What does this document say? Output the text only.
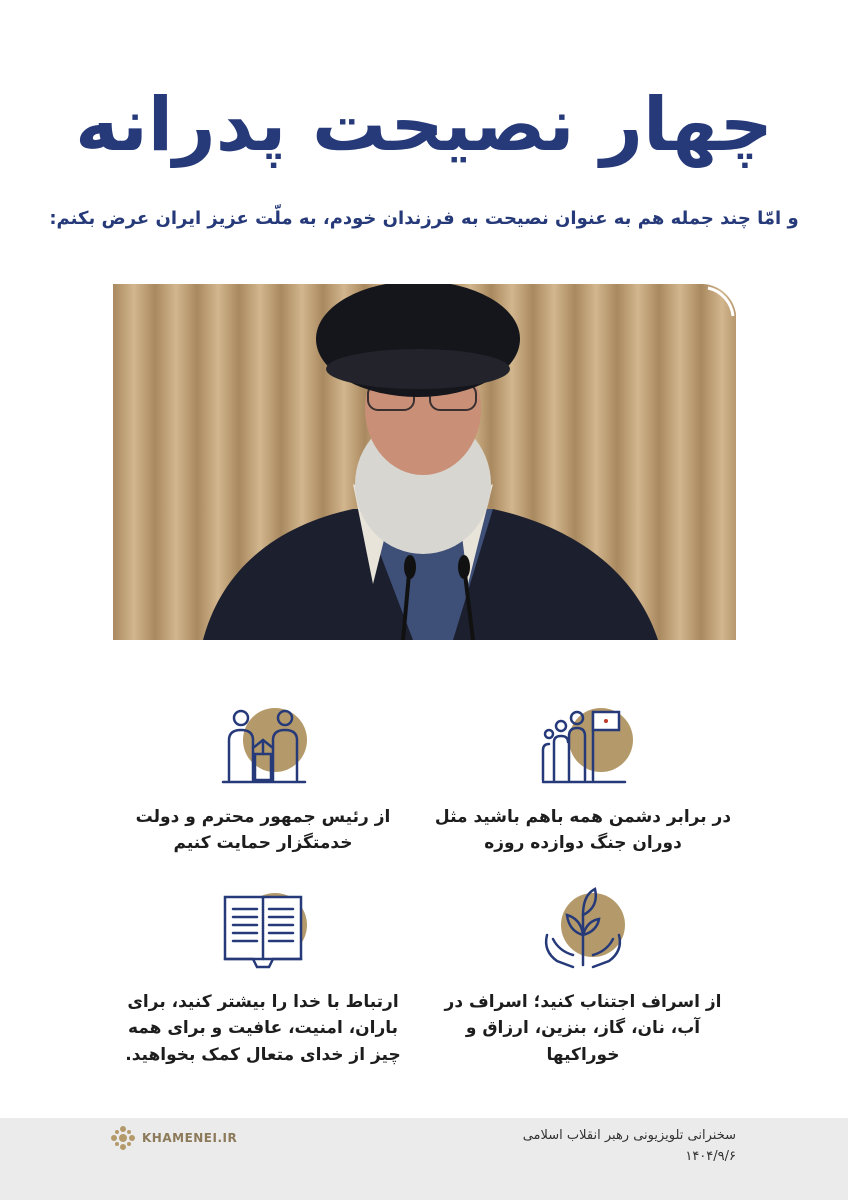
چهار نصیحت پدرانه
و امّا چند جمله هم به عنوان نصیحت به فرزندان خودم، به ملّت عزیز ایران عرض بکنم:
در برابر دشمن همه باهم باشید مثل دوران جنگ دوازده روزه
از رئیس جمهور محترم و دولت خدمتگزار حمایت کنیم
از اسراف اجتناب کنید؛ اسراف در آب، نان، گاز، بنزین، ارزاق و خوراکیها
ارتباط با خدا را بیشتر کنید، برای باران، امنیت، عافیت و برای همه چیز از خدای متعال کمک بخواهید.
KHAMENEI.IR	سخنرانی تلویزیونی رهبر انقلاب اسلامی
۱۴۰۴/۹/۶
